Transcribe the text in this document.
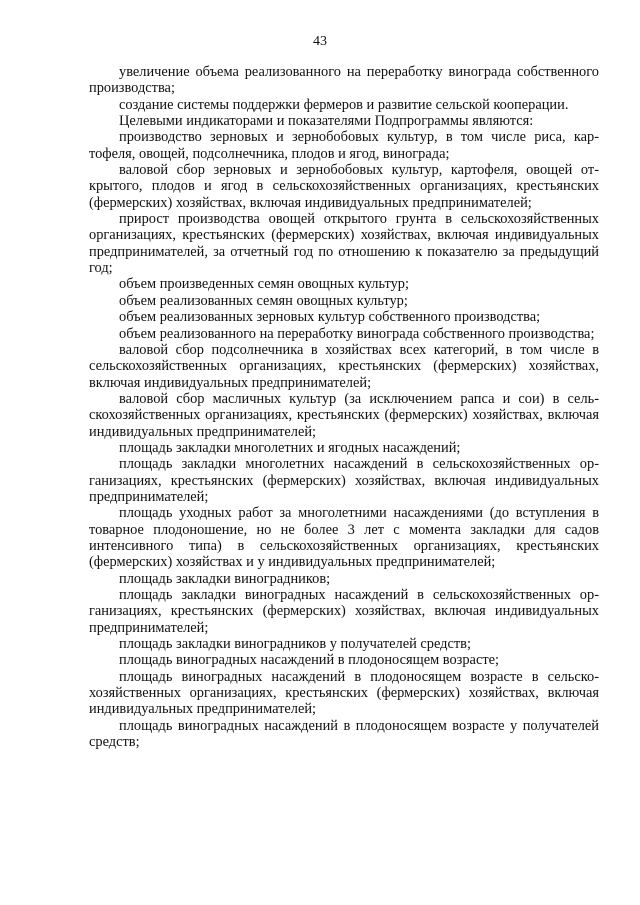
43

увеличение объема реализованного на переработку винограда собственного производства;

создание системы поддержки фермеров и развитие сельской кооперации.

Целевыми индикаторами и показателями Подпрограммы являются:

производство зерновых и зернобобовых культур, в том числе риса, картофеля, овощей, подсолнечника, плодов и ягод, винограда;

валовой сбор зерновых и зернобобовых культур, картофеля, овощей открытого, плодов и ягод в сельскохозяйственных организациях, крестьянских (фермерских) хозяйствах, включая индивидуальных предпринимателей;

прирост производства овощей открытого грунта в сельскохозяйственных организациях, крестьянских (фермерских) хозяйствах, включая индивидуальных предпринимателей, за отчетный год по отношению к показателю за предыдущий год;

объем произведенных семян овощных культур;

объем реализованных семян овощных культур;

объем реализованных зерновых культур собственного производства;

объем реализованного на переработку винограда собственного производства;

валовой сбор подсолнечника в хозяйствах всех категорий, в том числе в сельскохозяйственных организациях, крестьянских (фермерских) хозяйствах, включая индивидуальных предпринимателей;

валовой сбор масличных культур (за исключением рапса и сои) в сельскохозяйственных организациях, крестьянских (фермерских) хозяйствах, включая индивидуальных предпринимателей;

площадь закладки многолетних и ягодных насаждений;

площадь закладки многолетних насаждений в сельскохозяйственных организациях, крестьянских (фермерских) хозяйствах, включая индивидуальных предпринимателей;

площадь уходных работ за многолетними насаждениями (до вступления в товарное плодоношение, но не более 3 лет с момента закладки для садов интенсивного типа) в сельскохозяйственных организациях, крестьянских (фермерских) хозяйствах и у индивидуальных предпринимателей;

площадь закладки виноградников;

площадь закладки виноградных насаждений в сельскохозяйственных организациях, крестьянских (фермерских) хозяйствах, включая индивидуальных предпринимателей;

площадь закладки виноградников у получателей средств;

площадь виноградных насаждений в плодоносящем возрасте;

площадь виноградных насаждений в плодоносящем возрасте в сельскохозяйственных организациях, крестьянских (фермерских) хозяйствах, включая индивидуальных предпринимателей;

площадь виноградных насаждений в плодоносящем возрасте у получателей средств;
